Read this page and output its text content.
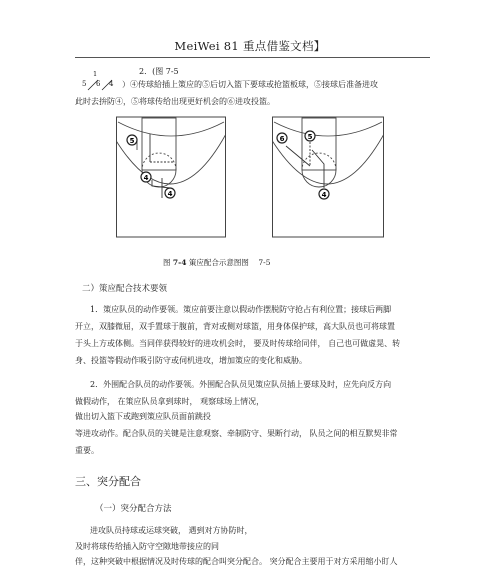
MeiWei 81 重点借鉴文档】
2．(图 7-5
1
5 6 4 ）④传球給插上策应的⑤后切入篮下要球或抢篮板球，⑤接球后准备进攻
此时去拚防④，⑤将球传给出现更好机会的⑥进攻投篮。
5
4
4
6	5
4
图 7-4 策应配合示意图图 7-5
二）策应配合技术要领
1．策应队员的动作要领。策应前要注意以假动作摆脱防守抢占有利位置；接球后两脚
开立，双膝微屈，双手置球于腹前，背对或侧对球篮，用身体保护球，高大队员也可将球置
于头上方或体侧。当同伴获得较好的进攻机会时， 要及时传球给同伴， 自己也可做虚晃、转
身、投篮等假动作吸引防守或伺机进攻，增加策应的变化和威胁。
2．外围配合队员的动作要领。外围配合队员见策应队员插上要球及时，应先向反方向
做假动作， 在策应队员拿到球时， 观察球场上情况，
做出切入篮下或跑到策应队员面前跳投
等进攻动作。配合队员的关键是注意观察、牵制防守、果断行动， 队员之间的相互默契非常
重要。
三、突分配合
（一）突分配合方法
进攻队员持球或运球突破， 遇到对方协防时，
及时将球传给插入防守空隙地带接应的同
伴，这种突破中根据情况及时传球的配合叫突分配合。 突分配合主要用于对方采用缩小盯人
